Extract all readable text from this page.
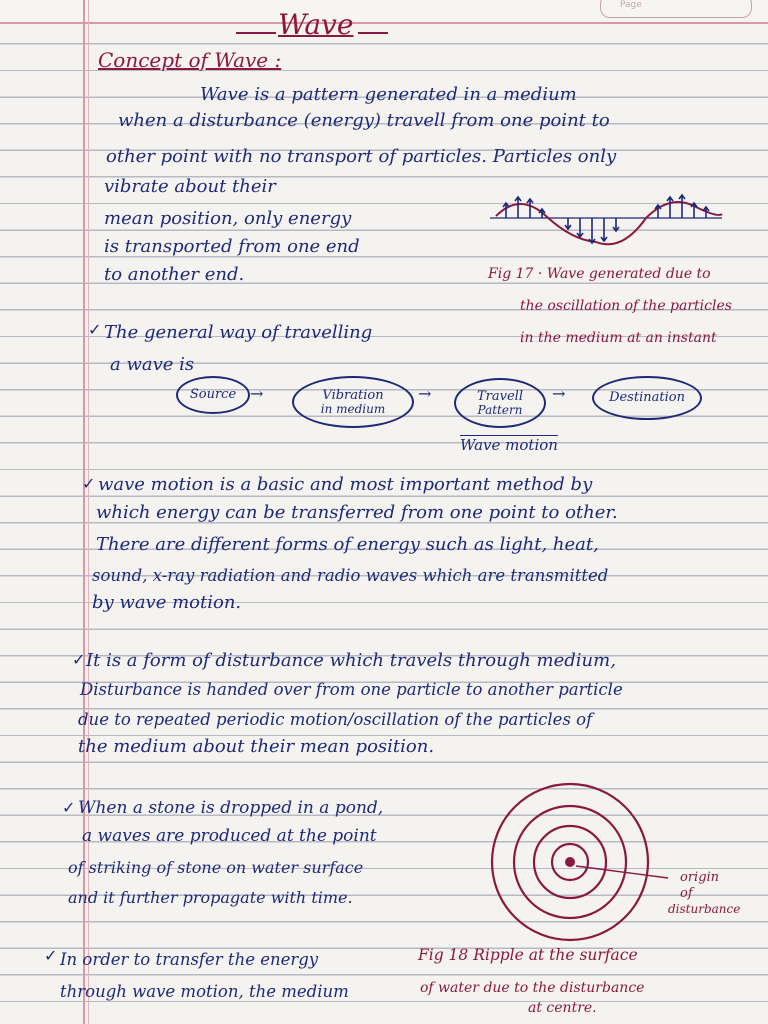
Page
Wave
Concept of Wave :
Wave is a pattern generated in a medium
when a disturbance (energy) travell from one point to
other point with no transport of particles. Particles only
vibrate about their
mean position, only energy
is transported from one end
to another end.	Fig 17 · Wave generated due to
the oscillation of the particles
in the medium at an instant
✓ The general way of travelling
a wave is
Source →	Vibration
in medium
→	Travell
Pattern
→	Destination
Wave motion
✓ wave motion is a basic and most important method by
which energy can be transferred from one point to other.
There are different forms of energy such as light, heat,
sound, x-ray radiation and radio waves which are transmitted
by wave motion.
✓ It is a form of disturbance which travels through medium,
Disturbance is handed over from one particle to another particle
due to repeated periodic motion/oscillation of the particles of
the medium about their mean position.
✓ When a stone is dropped in a pond,
a waves are produced at the point
of striking of stone on water surface
and it further propagate with time.
origin
of
disturbance
Fig 18 Ripple at the surface
of water due to the disturbance
at centre.
✓ In order to transfer the energy
through wave motion, the medium
